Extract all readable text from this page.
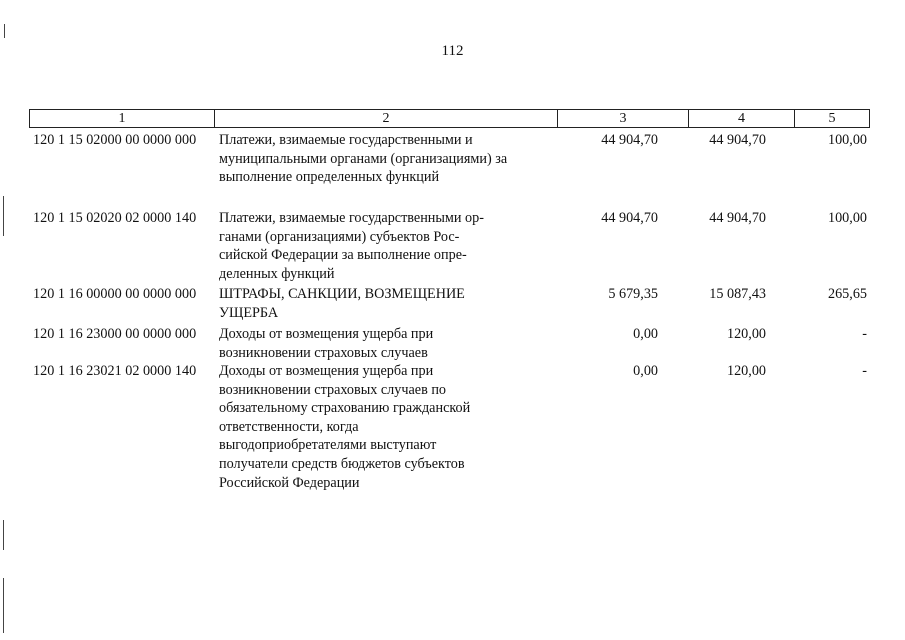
112
1	2	3	4	5
120 1 15 02000 00 0000 000	Платежи, взимаемые государственными и
муниципальными органами (организациями) за
выполнение определенных функций
44 904,70	44 904,70	100,00
120 1 15 02020 02 0000 140	Платежи, взимаемые государственными ор-
ганами (организациями) субъектов Рос-
сийской Федерации за выполнение опре-
деленных функций
44 904,70	44 904,70	100,00
120 1 16 00000 00 0000 000	ШТРАФЫ, САНКЦИИ, ВОЗМЕЩЕНИЕ
УЩЕРБА
5 679,35	15 087,43	265,65
120 1 16 23000 00 0000 000	Доходы от возмещения ущерба при
возникновении страховых случаев
0,00	120,00	-
120 1 16 23021 02 0000 140	Доходы от возмещения ущерба при
возникновении страховых случаев по
обязательному страхованию гражданской
ответственности, когда
выгодоприобретателями выступают
получатели средств бюджетов субъектов
Российской Федерации
0,00	120,00	-
